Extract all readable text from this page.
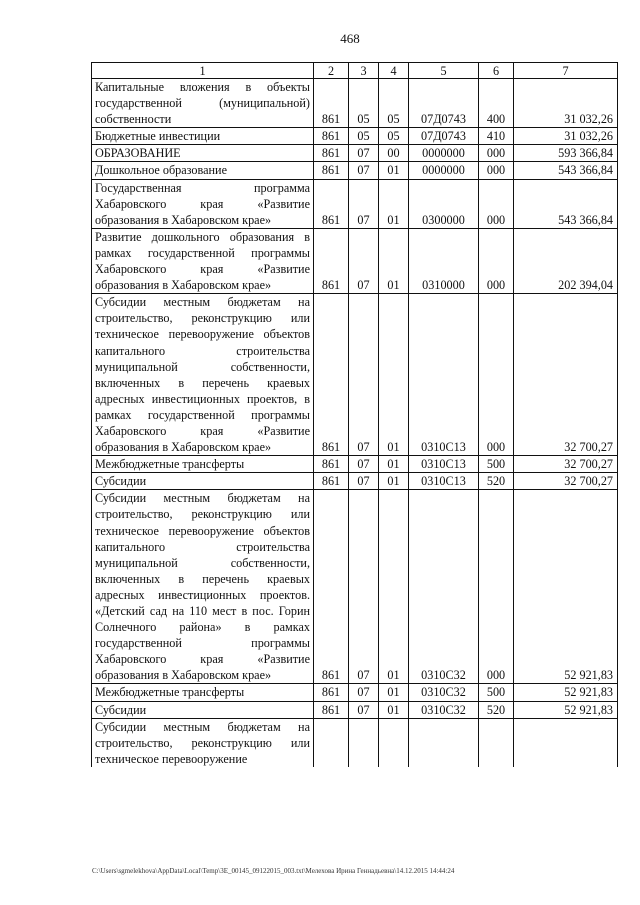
468
1	2	3	4	5	6	7
Капитальные вложения в объекты государственной (муниципальной) собственности	861	05	05	07Д0743	400	31 032,26
Бюджетные инвестиции	861	05	05	07Д0743	410	31 032,26
ОБРАЗОВАНИЕ	861	07	00	0000000	000	593 366,84
Дошкольное образование	861	07	01	0000000	000	543 366,84
Государственная программа Хабаровского края «Развитие образования в Хабаровском крае»	861	07	01	0300000	000	543 366,84
Развитие дошкольного образования в рамках государственной программы Хабаровского края «Развитие образования в Хабаровском крае»	861	07	01	0310000	000	202 394,04
Субсидии местным бюджетам на строительство, реконструкцию или техническое перевооружение объектов капитального строительства муниципальной собственности, включенных в перечень краевых адресных инвестиционных проектов, в рамках государственной программы Хабаровского края «Развитие образования в Хабаровском крае»	861	07	01	0310С13	000	32 700,27
Межбюджетные трансферты	861	07	01	0310С13	500	32 700,27
Субсидии	861	07	01	0310С13	520	32 700,27
Субсидии местным бюджетам на строительство, реконструкцию или техническое перевооружение объектов капитального строительства муниципальной собственности, включенных в перечень краевых адресных инвестиционных проектов. «Детский сад на 110 мест в пос. Горин Солнечного района» в рамках государственной программы Хабаровского края «Развитие образования в Хабаровском крае»	861	07	01	0310С32	000	52 921,83
Межбюджетные трансферты	861	07	01	0310С32	500	52 921,83
Субсидии	861	07	01	0310С32	520	52 921,83
Субсидии местным бюджетам на строительство, реконструкцию или техническое перевооружение						
C:\Users\sgmelekhova\AppData\Local\Temp\3E_00145_09122015_003.txt\Мелехова Ирина Геннадьевна\14.12.2015 14:44:24
